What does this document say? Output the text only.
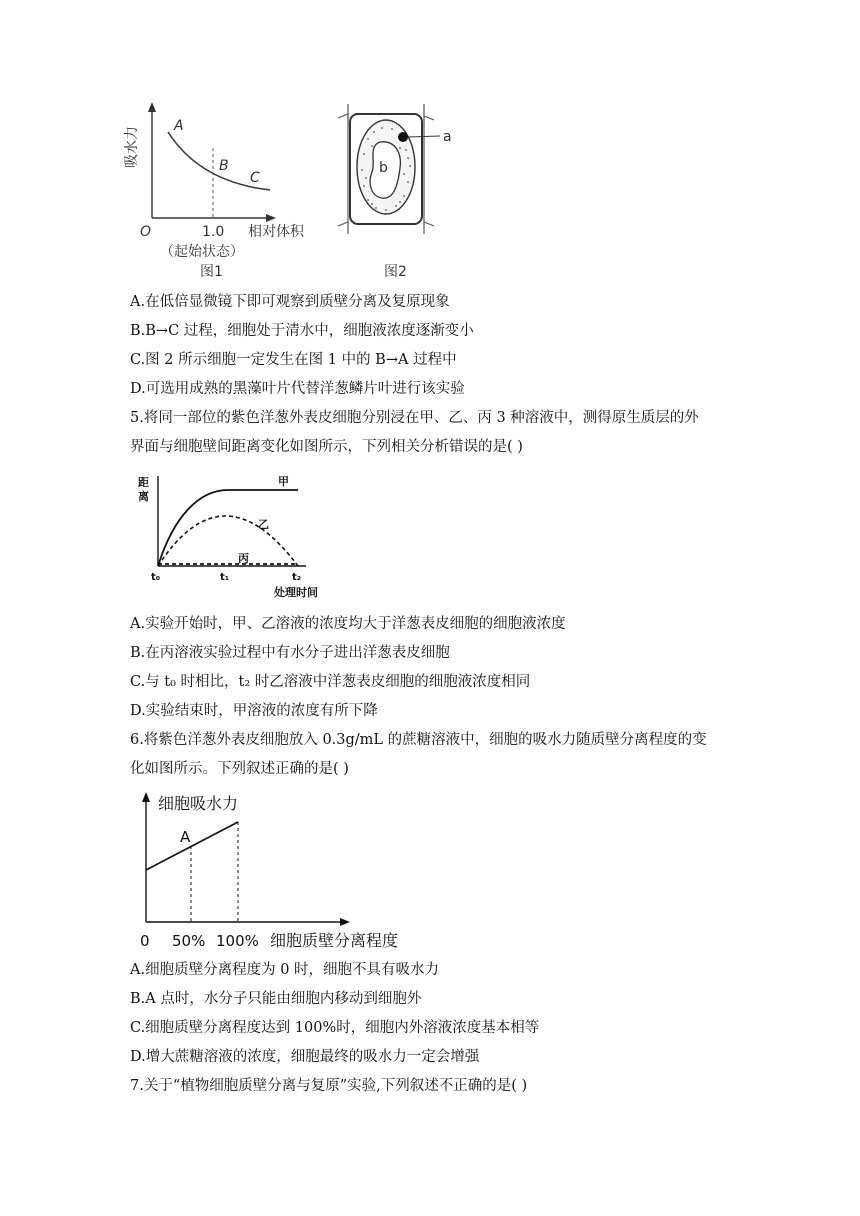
吸水力 A
B
C
O	1.0 相对体积
（起始状态）
图1
a
b
图2
A.在低倍显微镜下即可观察到质壁分离及复原现象
B.B→C 过程，细胞处于清水中，细胞液浓度逐渐变小
C.图 2 所示细胞一定发生在图 1 中的 B→A 过程中
D.可选用成熟的黑藻叶片代替洋葱鳞片叶进行该实验
5.将同一部位的紫色洋葱外表皮细胞分别浸在甲、乙、丙 3 种溶液中，测得原生质层的外
界面与细胞壁间距离变化如图所示，下列相关分析错误的是( )
距
离
甲
乙
丙
t₀	t₁	t₂
处理时间
A.实验开始时，甲、乙溶液的浓度均大于洋葱表皮细胞的细胞液浓度
B.在丙溶液实验过程中有水分子进出洋葱表皮细胞
C.与 t₀ 时相比，t₂ 时乙溶液中洋葱表皮细胞的细胞液浓度相同
D.实验结束时，甲溶液的浓度有所下降
6.将紫色洋葱外表皮细胞放入 0.3g/mL 的蔗糖溶液中，细胞的吸水力随质壁分离程度的变
化如图所示。下列叙述正确的是( )
细胞吸水力
A
0 50% 100% 细胞质壁分离程度
A.细胞质壁分离程度为 0 时，细胞不具有吸水力
B.A 点时，水分子只能由细胞内移动到细胞外
C.细胞质壁分离程度达到 100%时，细胞内外溶液浓度基本相等
D.增大蔗糖溶液的浓度，细胞最终的吸水力一定会增强
7.关于“植物细胞质壁分离与复原”实验,下列叙述不正确的是( )
